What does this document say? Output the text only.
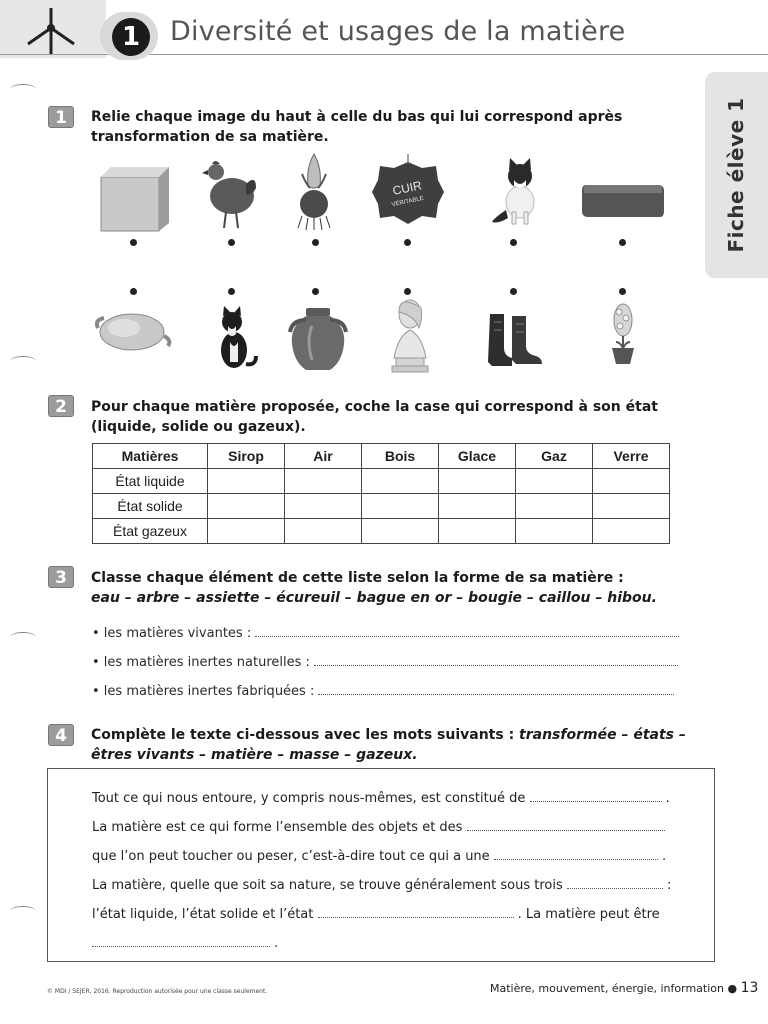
1	Diversité et usages de la matière
Fiche élève 1
1	Relie chaque image du haut à celle du bas qui lui correspond après
transformation de sa matière.
CUIR
VÉRITABLE
2	Pour chaque matière proposée, coche la case qui correspond à son état
(liquide, solide ou gazeux).
Matières	Sirop	Air	Bois	Glace	Gaz	Verre
État liquide						
État solide						
État gazeux						
3	Classe chaque élément de cette liste selon la forme de sa matière :
eau – arbre – assiette – écureuil – bague en or – bougie – caillou – hibou.
• les matières vivantes :
• les matières inertes naturelles :
• les matières inertes fabriquées :
4	Complète le texte ci-dessous avec les mots suivants : transformée – états –
êtres vivants – matière – masse – gazeux.
Tout ce qui nous entoure, y compris nous-mêmes, est constitué de	.
La matière est ce qui forme l’ensemble des objets et des
que l’on peut toucher ou peser, c’est-à-dire tout ce qui a une	.
La matière, quelle que soit sa nature, se trouve généralement sous trois	:
l’état liquide, l’état solide et l’état	. La matière peut être
.
© MDI / SEJER, 2016. Reproduction autorisée pour une classe seulement.	Matière, mouvement, énergie, information ● 13
